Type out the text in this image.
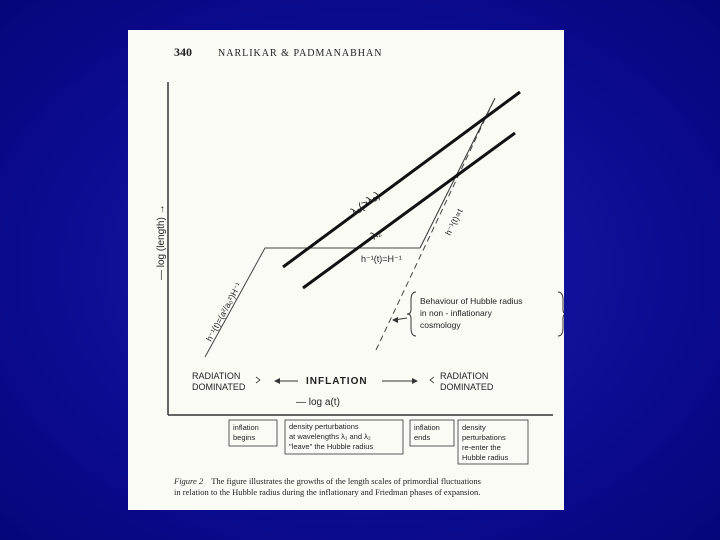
340	NARLIKAR & PADMANABHAN
— log (length) →
λ₁(>λ₂)
λ₂
h⁻¹(t)=H⁻¹
h⁻¹(t)=(a²/a₀²)H⁻¹
h⁻¹(t)∝t
Behaviour of Hubble radius in non - inflationary cosmology
RADIATION DOMINATED	INFLATION	RADIATION DOMINATED
— log a(t)
inflation begins
density perturbations at wavelengths λ₁ and λ₂ "leave" the Hubble radius
inflation ends
density perturbations re-enter the Hubble radius
Figure 2 The figure illustrates the growths of the length scales of primordial fluctuations
in relation to the Hubble radius during the inflationary and Friedman phases of expansion.
